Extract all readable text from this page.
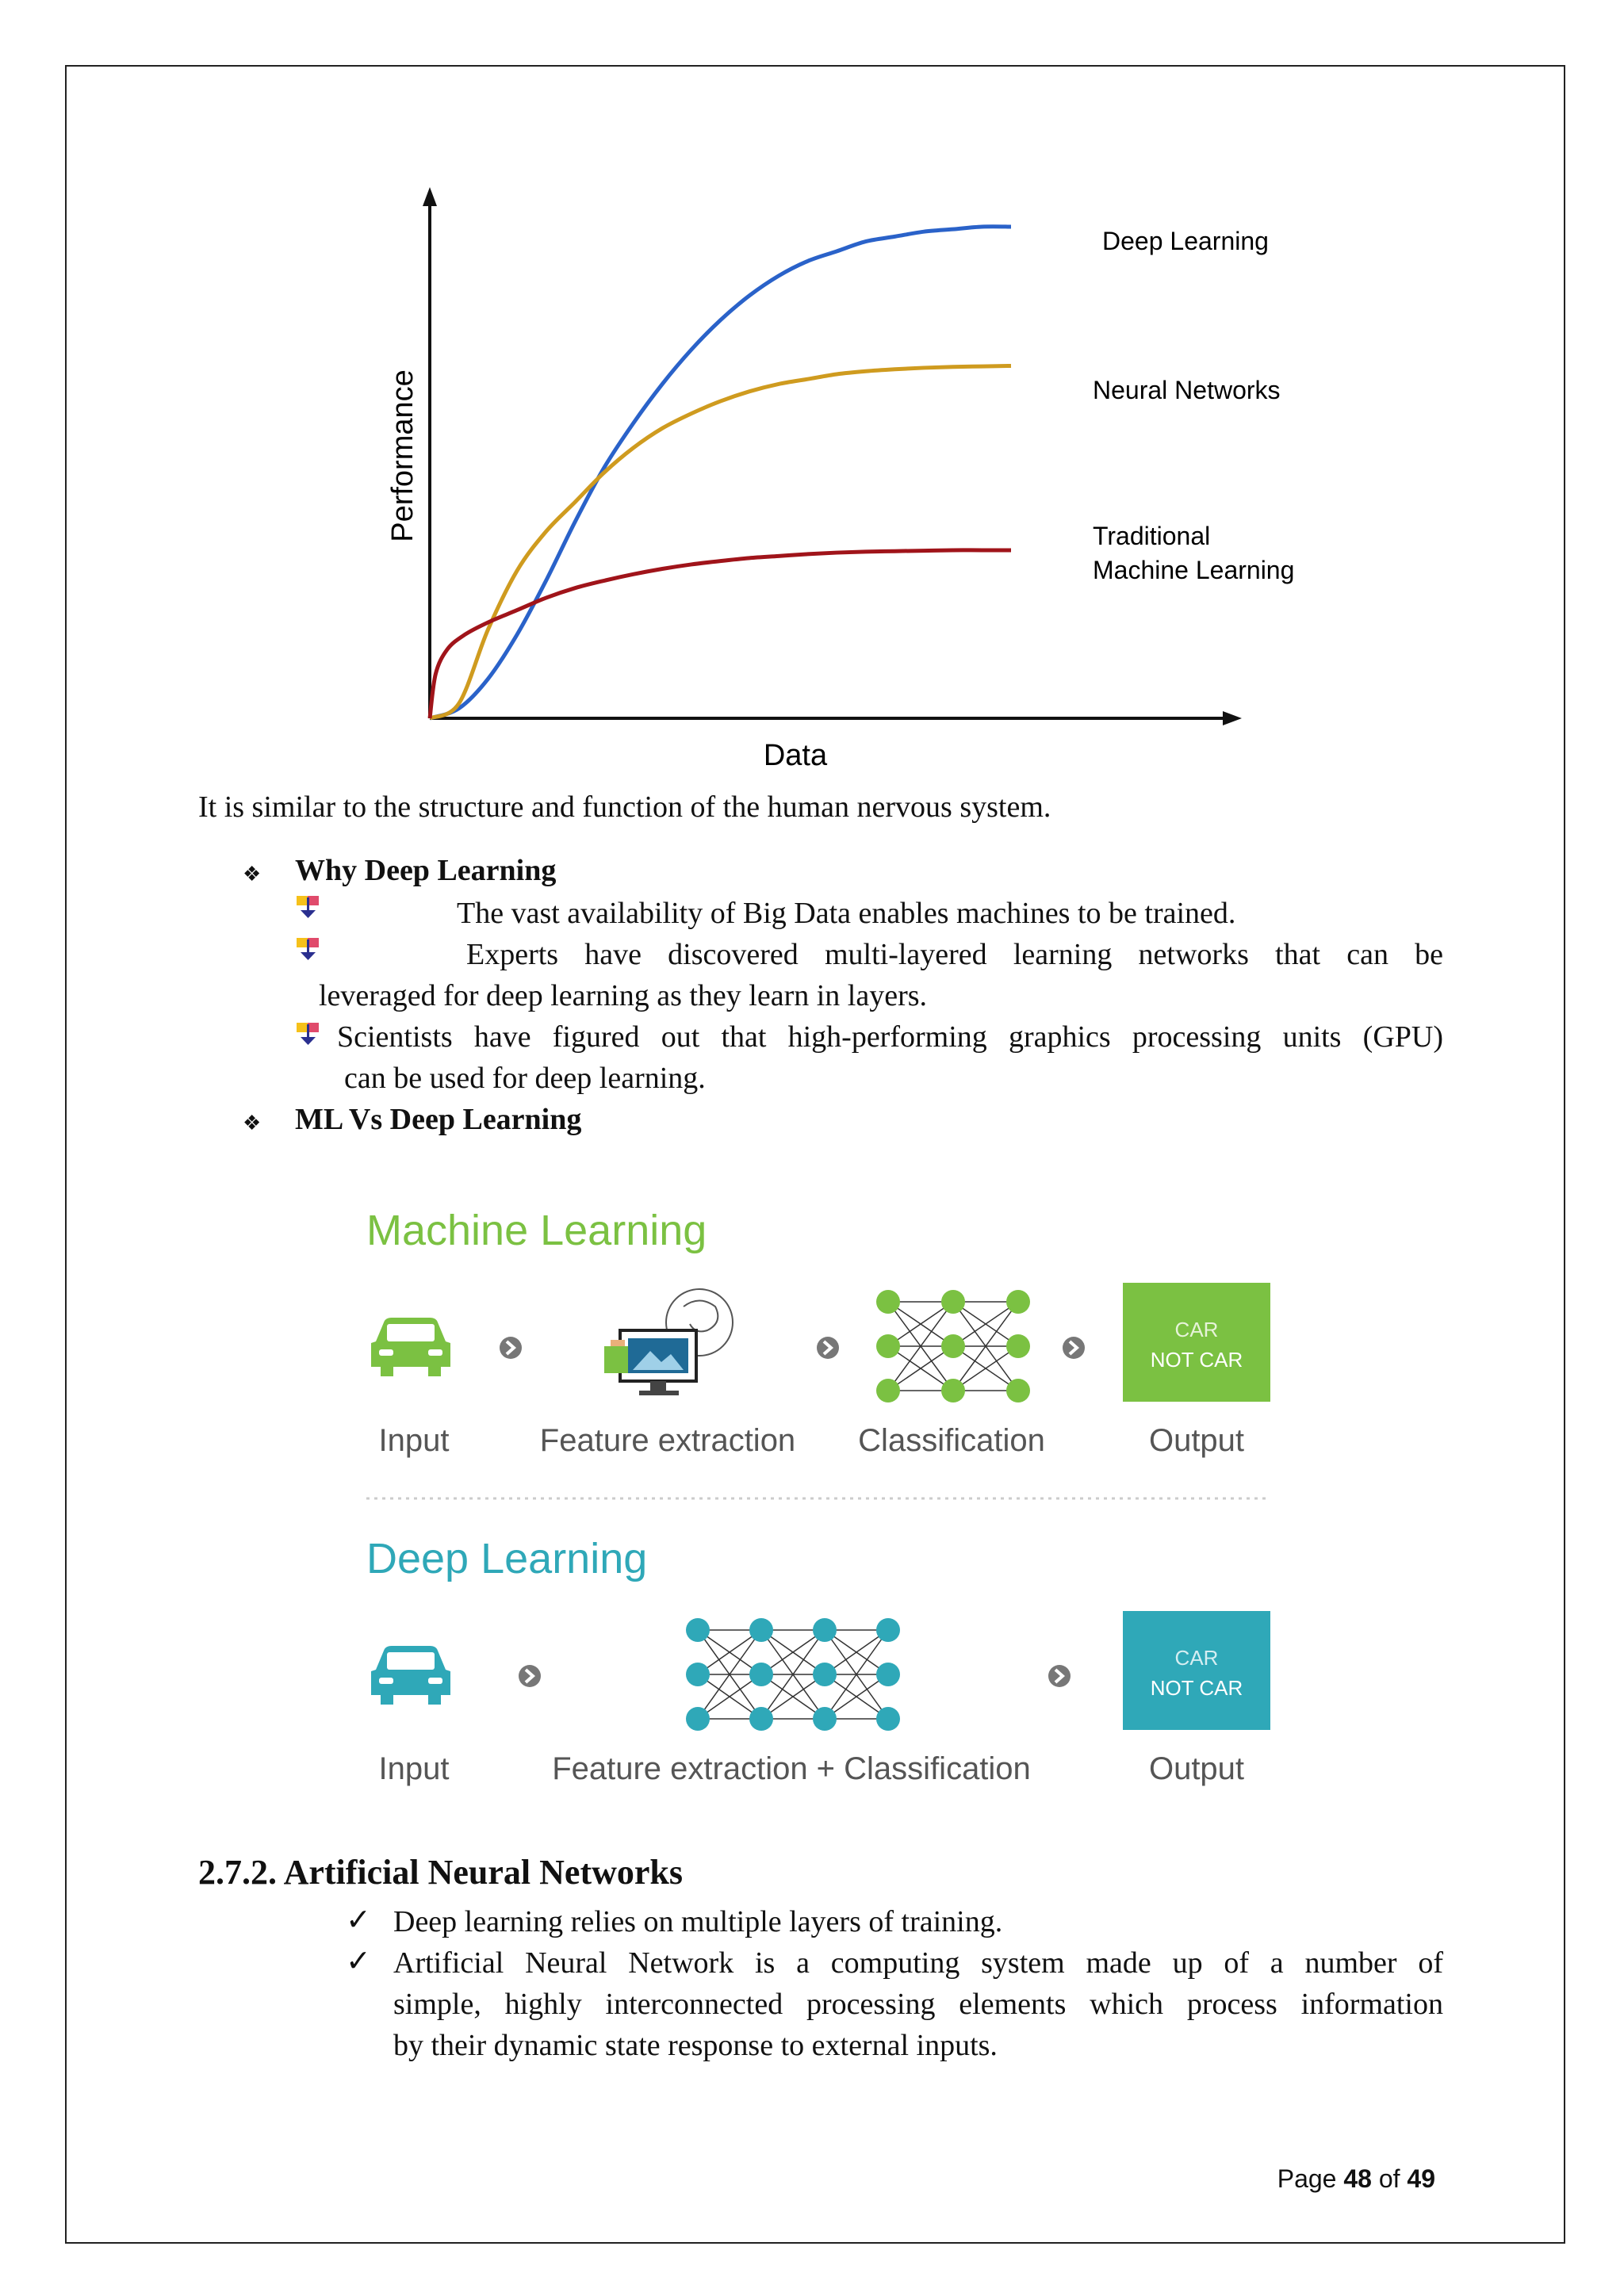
Performance
Data
Deep Learning
Neural Networks
Traditional
Machine Learning
It is similar to the structure and function of the human nervous system.
❖ Why Deep Learning
The vast availability of Big Data enables machines to be trained.
Experts have discovered multi-layered learning networks that can be
leveraged for deep learning as they learn in layers.
Scientists have figured out that high-performing graphics processing units (GPU)
can be used for deep learning.
❖ ML Vs Deep Learning
Machine Learning
CAR
NOT CAR
Input	Feature extraction Classification	Output
Deep Learning
CAR
NOT CAR
Input	Feature extraction + Classification	Output
2.7.2. Artificial Neural Networks
✓ Deep learning relies on multiple layers of training.
✓ Artificial Neural Network is a computing system made up of a number of
simple, highly interconnected processing elements which process information
by their dynamic state response to external inputs.
Page 48 of 49
